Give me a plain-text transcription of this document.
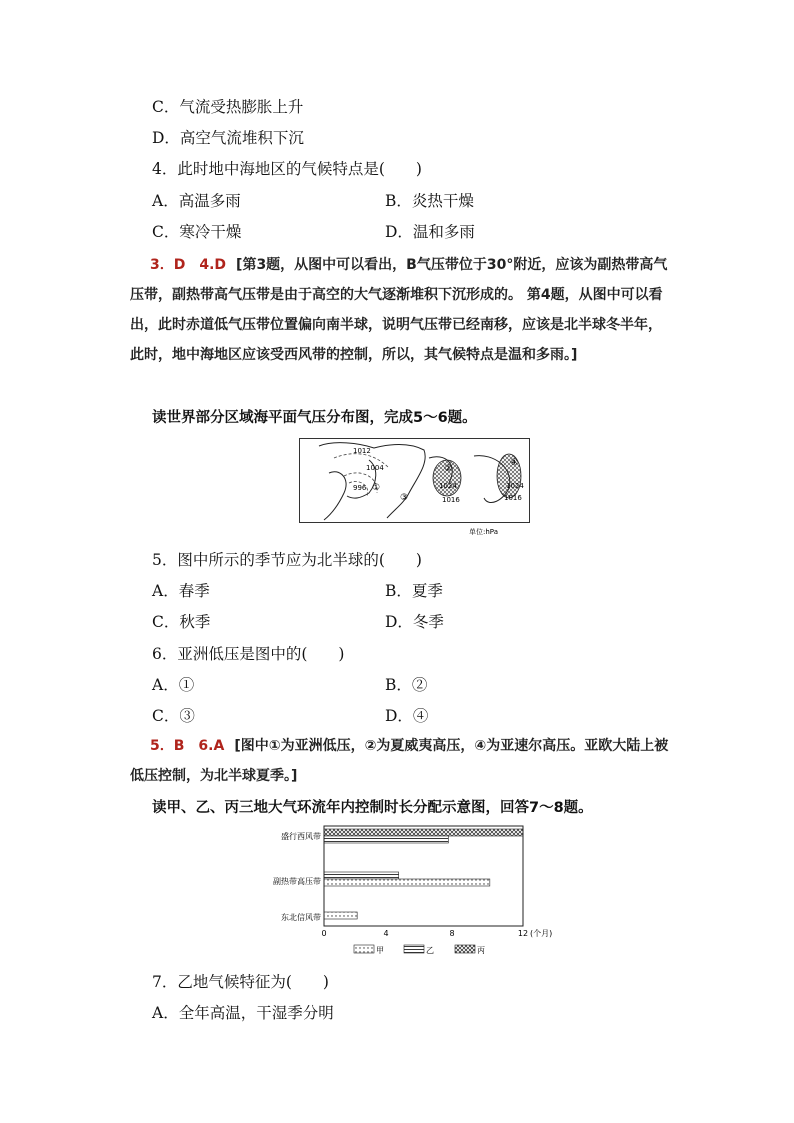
C．气流受热膨胀上升
D．高空气流堆积下沉
4．此时地中海地区的气候特点是(　　)
A．高温多雨	B．炎热干燥
C．寒冷干燥	D．温和多雨
3．D　4.D [第3题，从图中可以看出，B气压带位于30°附近，应该为副热带高气压带，副热带高气压带是由于高空的大气逐渐堆积下沉形成的。 第4题，从图中可以看出，此时赤道低气压带位置偏向南半球，说明气压带已经南移，应该是北半球冬半年，此时，地中海地区应该受西风带的控制，所以，其气候特点是温和多雨。]
读世界部分区域海平面气压分布图，完成5～6题。
1012
1004
996	1024
1016
1024
1016
①
②
③
④
单位:hPa
5．图中所示的季节应为北半球的(　　)
A．春季	B．夏季
C．秋季	D．冬季
6．亚洲低压是图中的(　　)
A．①	B．②
C．③	D．④
5．B　6.A [图中①为亚洲低压，②为夏威夷高压，④为亚速尔高压。亚欧大陆上被低压控制，为北半球夏季。]
读甲、乙、丙三地大气环流年内控制时长分配示意图，回答7～8题。
盛行西风带
副热带高压带
东北信风带
0	4	8	12 (个月)
甲	乙	丙
7．乙地气候特征为(　　)
A．全年高温，干湿季分明
